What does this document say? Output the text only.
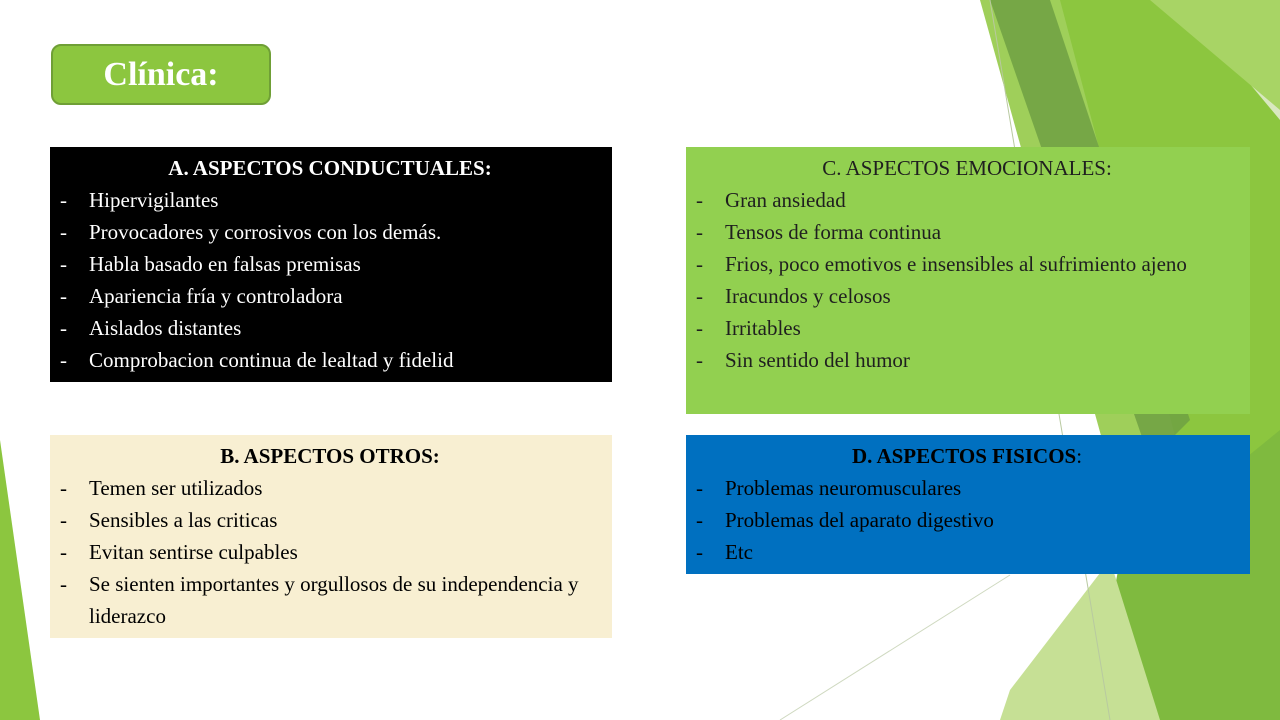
Clínica:
A. ASPECTOS CONDUCTUALES:
-	Hipervigilantes
-	Provocadores y corrosivos con los demás.
-	Habla basado en falsas premisas
-	Apariencia fría y controladora
-	Aislados distantes
-	Comprobacion continua de lealtad y fidelid
C. ASPECTOS EMOCIONALES:
-	Gran ansiedad
-	Tensos de forma continua
-	Frios, poco emotivos e insensibles al sufrimiento ajeno
-	Iracundos y celosos
-	Irritables
-	Sin sentido del humor
B. ASPECTOS OTROS:
-	Temen ser utilizados
-	Sensibles a las criticas
-	Evitan sentirse culpables
-	Se sienten importantes y orgullosos de su independencia y liderazco
D. ASPECTOS FISICOS:
-	Problemas neuromusculares
-	Problemas del aparato digestivo
-	Etc
